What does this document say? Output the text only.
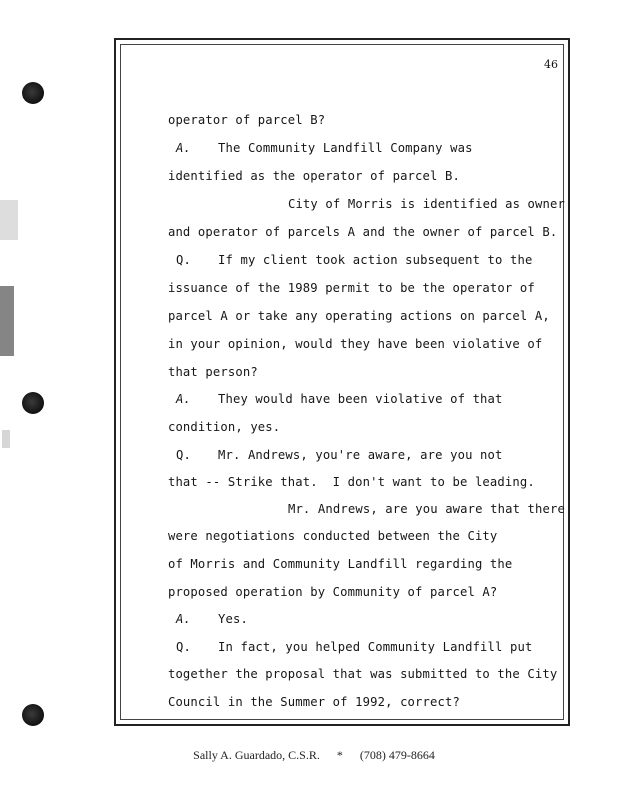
46

operator of parcel B?

A. The Community Landfill Company was

identified as the operator of parcel B.

City of Morris is identified as owner

and operator of parcels A and the owner of parcel B.

Q. If my client took action subsequent to the

issuance of the 1989 permit to be the operator of

parcel A or take any operating actions on parcel A,

in your opinion, would they have been violative of

that person?

A. They would have been violative of that

condition, yes.

Q. Mr. Andrews, you're aware, are you not

that -- Strike that.  I don't want to be leading.

Mr. Andrews, are you aware that there

were negotiations conducted between the City

of Morris and Community Landfill regarding the

proposed operation by Community of parcel A?

A. Yes.

Q. In fact, you helped Community Landfill put

together the proposal that was submitted to the City

Council in the Summer of 1992, correct?

Sally A. Guardado, C.S.R. * (708) 479-8664
